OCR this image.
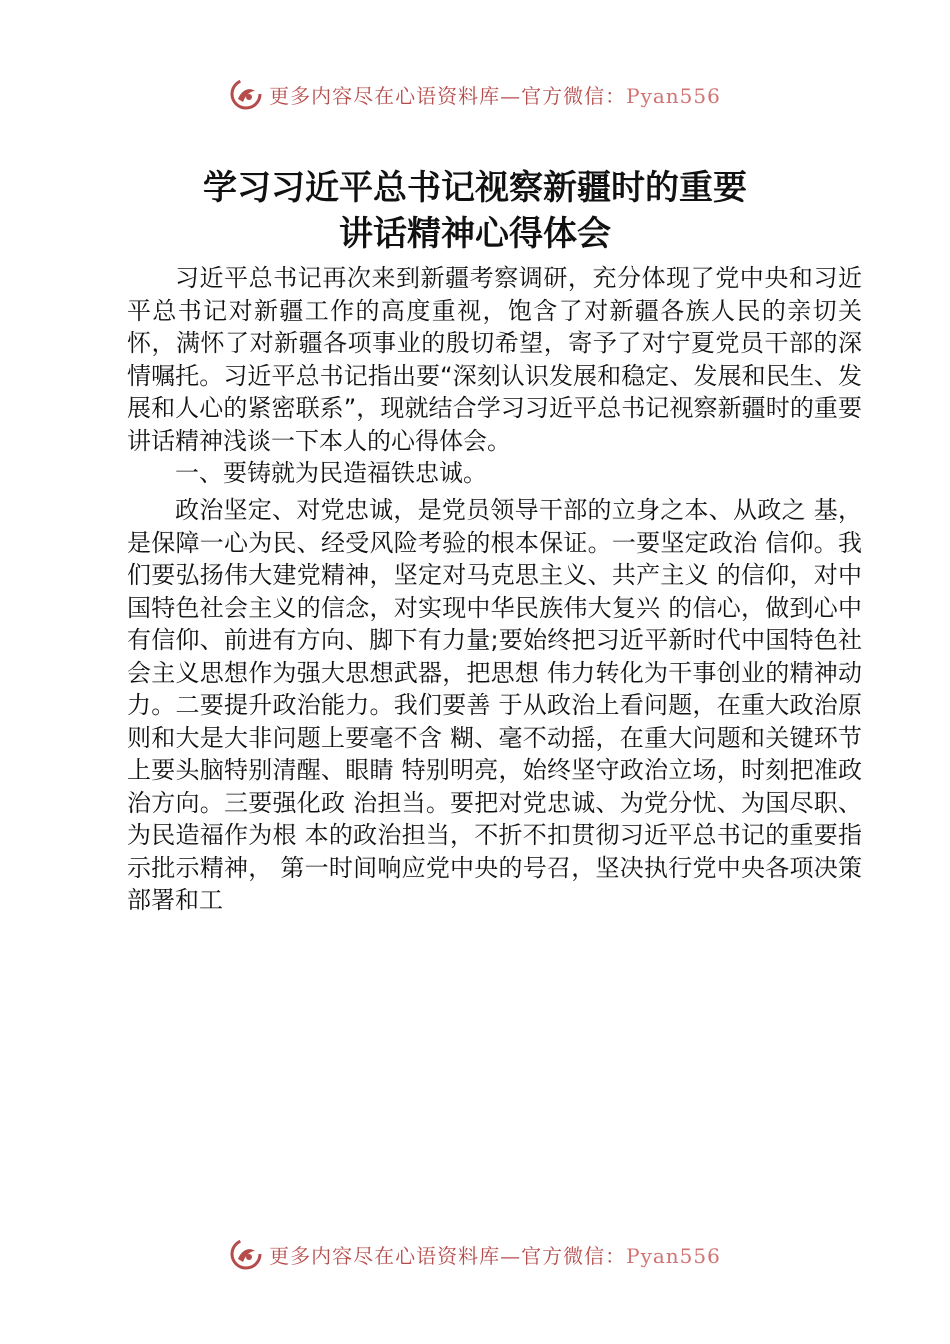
更多内容尽在心语资料库—官方微信：Pyan556
学习习近平总书记视察新疆时的重要
讲话精神心得体会

习近平总书记再次来到新疆考察调研，充分体现了党中央和习近平总书记对新疆工作的高度重视，饱含了对新疆各族人民的亲切关怀，满怀了对新疆各项事业的殷切希望，寄予了对宁夏党员干部的深情嘱托。习近平总书记指出要“深刻认识发展和稳定、发展和民生、发展和人心的紧密联系”，现就结合学习习近平总书记视察新疆时的重要讲话精神浅谈一下本人的心得体会。

一、要铸就为民造福铁忠诚。

政治坚定、对党忠诚，是党员领导干部的立身之本、从政之 基，是保障一心为民、经受风险考验的根本保证。一要坚定政治 信仰。我们要弘扬伟大建党精神，坚定对马克思主义、共产主义 的信仰，对中国特色社会主义的信念，对实现中华民族伟大复兴 的信心，做到心中有信仰、前进有方向、脚下有力量;要始终把习近平新时代中国特色社会主义思想作为强大思想武器，把思想 伟力转化为干事创业的精神动力。二要提升政治能力。我们要善 于从政治上看问题，在重大政治原则和大是大非问题上要毫不含 糊、毫不动摇，在重大问题和关键环节上要头脑特别清醒、眼睛 特别明亮，始终坚守政治立场，时刻把准政治方向。三要强化政 治担当。要把对党忠诚、为党分忧、为国尽职、为民造福作为根 本的政治担当，不折不扣贯彻习近平总书记的重要指示批示精神， 第一时间响应党中央的号召，坚决执行党中央各项决策部署和工

更多内容尽在心语资料库—官方微信：Pyan556
